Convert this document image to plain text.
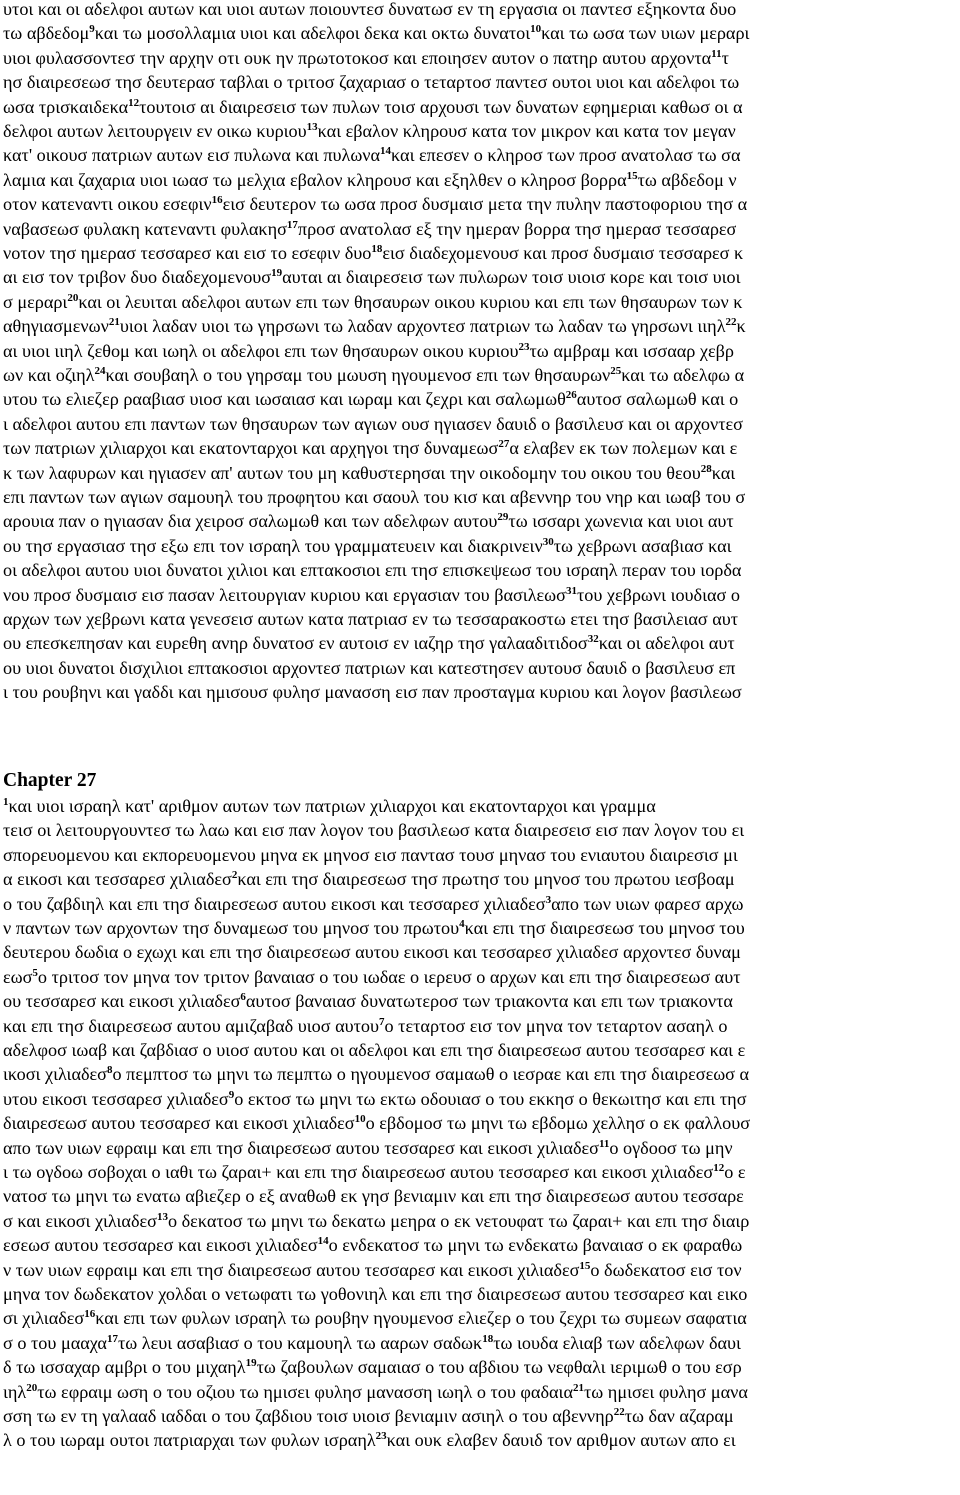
υτοι και οι αδελφοι αυτων και υιοι αυτων ποιουντεσ δυνατωσ εν τη εργασια οι παντεσ εξηκοντα δυο
τω αβδεδομ$^9$και τω μοσολλαμια υιοι και αδελφοι δεκα και οκτω δυνατοι$^{10}$και τω ωσα των υιων μεραρι
υιοι φυλασσοντεσ την αρχην οτι ουκ ην πρωτοτοκοσ και εποιησεν αυτον ο πατηρ αυτου αρχοντα$^{11}$τ
ησ διαιρεσεωσ τησ δευτερασ ταβλαι ο τριτοσ ζαχαριασ ο τεταρτοσ παντεσ ουτοι υιοι και αδελφοι τω
ωσα τρισκαιδεκα$^{12}$τουτοισ αι διαιρεσεισ των πυλων τοισ αρχουσι των δυνατων εφημεριαι καθωσ οι α
δελφοι αυτων λειτουργειν εν οικω κυριου$^{13}$και εβαλον κληρουσ κατα τον μικρον και κατα τον μεγαν
κατ' οικουσ πατριων αυτων εισ πυλωνα και πυλωνα$^{14}$και επεσεν ο κληροσ των προσ ανατολασ τω σα
λαμια και ζαχαρια υιοι ιωασ τω μελχια εβαλον κληρουσ και εξηλθεν ο κληροσ βορρα$^{15}$τω αβδεδομ ν
οτον κατεναντι οικου εσεφιν$^{16}$εισ δευτερον τω ωσα προσ δυσμαισ μετα την πυλην παστοφοριου τησ α
ναβασεωσ φυλακη κατεναντι φυλακησ$^{17}$προσ ανατολασ εξ την ημεραν βορρα τησ ημερασ τεσσαρεσ
νοτον τησ ημερασ τεσσαρεσ και εισ το εσεφιν δυο$^{18}$εισ διαδεχομενουσ και προσ δυσμαισ τεσσαρεσ κ
αι εισ τον τριβον δυο διαδεχομενουσ$^{19}$αυται αι διαιρεσεισ των πυλωρων τοισ υιοισ κορε και τοισ υιοι
σ μεραρι$^{20}$και οι λευιται αδελφοι αυτων επι των θησαυρων οικου κυριου και επι των θησαυρων των κ
αθηγιασμενων$^{21}$υιοι λαδαν υιοι τω γηρσωνι τω λαδαν αρχοντεσ πατριων τω λαδαν τω γηρσωνι ιιηλ$^{22}$κ
αι υιοι ιιηλ ζεθομ και ιωηλ οι αδελφοι επι των θησαυρων οικου κυριου$^{23}$τω αμβραμ και ισσααρ χεβρ
ων και οζιηλ$^{24}$και σουβαηλ ο του γηρσαμ του μωυση ηγουμενοσ επι των θησαυρων$^{25}$και τω αδελφω α
υτου τω ελιεζερ ρααβιασ υιοσ και ιωσαιασ και ιωραμ και ζεχρι και σαλωμωθ$^{26}$αυτοσ σαλωμωθ και ο
ι αδελφοι αυτου επι παντων των θησαυρων των αγιων ουσ ηγιασεν δαυιδ ο βασιλευσ και οι αρχοντεσ
των πατριων χιλιαρχοι και εκατονταρχοι και αρχηγοι τησ δυναμεωσ$^{27}$α ελαβεν εκ των πολεμων και ε
κ των λαφυρων και ηγιασεν απ' αυτων του μη καθυστερησαι την οικοδομην του οικου του θεου$^{28}$και
επι παντων των αγιων σαμουηλ του προφητου και σαουλ του κισ και αβεννηρ του νηρ και ιωαβ του σ
αρουια παν ο ηγιασαν δια χειροσ σαλωμωθ και των αδελφων αυτου$^{29}$τω ισσαρι χωνενια και υιοι αυτ
ου τησ εργασιασ τησ εξω επι τον ισραηλ του γραμματευειν και διακρινειν$^{30}$τω χεβρωνι ασαβιασ και
οι αδελφοι αυτου υιοι δυνατοι χιλιοι και επτακοσιοι επι τησ επισκεψεωσ του ισραηλ περαν του ιορδα
νου προσ δυσμαισ εισ πασαν λειτουργιαν κυριου και εργασιαν του βασιλεωσ$^{31}$του χεβρωνι ιουδιασ ο
αρχων των χεβρωνι κατα γενεσεισ αυτων κατα πατριασ εν τω τεσσαρακοστω ετει τησ βασιλειασ αυτ
ου επεσκεπησαν και ευρεθη ανηρ δυνατοσ εν αυτοισ εν ιαζηρ τησ γαλααδιτιδοσ$^{32}$και οι αδελφοι αυτ
ου υιοι δυνατοι δισχιλιοι επτακοσιοι αρχοντεσ πατριων και κατεστησεν αυτουσ δαυιδ ο βασιλευσ επ
ι του ρουβηνι και γαδδι και ημισουσ φυλησ μανασση εισ παν προσταγμα κυριου και λογον βασιλεωσ
Chapter 27
$^1$και υιοι ισραηλ κατ' αριθμον αυτων των πατριων χιλιαρχοι και εκατονταρχοι και γραμμα
τεισ οι λειτουργουντεσ τω λαω και εισ παν λογον του βασιλεωσ κατα διαιρεσεισ εισ παν λογον του ει
σπορευομενου και εκπορευομενου μηνα εκ μηνοσ εισ παντασ τουσ μηνασ του ενιαυτου διαιρεσισ μι
α εικοσι και τεσσαρεσ χιλιαδεσ$^2$και επι τησ διαιρεσεωσ τησ πρωτησ του μηνοσ του πρωτου ιεσβοαμ
ο του ζαβδιηλ και επι τησ διαιρεσεωσ αυτου εικοσι και τεσσαρεσ χιλιαδεσ$^3$απο των υιων φαρεσ αρχω
ν παντων των αρχοντων τησ δυναμεωσ του μηνοσ του πρωτου$^4$και επι τησ διαιρεσεωσ του μηνοσ του
δευτερου δωδια ο εχωχι και επι τησ διαιρεσεωσ αυτου εικοσι και τεσσαρεσ χιλιαδεσ αρχοντεσ δυναμ
εωσ$^5$ο τριτοσ τον μηνα τον τριτον βαναιασ ο του ιωδαε ο ιερευσ ο αρχων και επι τησ διαιρεσεωσ αυτ
ου τεσσαρεσ και εικοσι χιλιαδεσ$^6$αυτοσ βαναιασ δυνατωτεροσ των τριακοντα και επι των τριακοντα
και επι τησ διαιρεσεωσ αυτου αμιζαβαδ υιοσ αυτου$^7$ο τεταρτοσ εισ τον μηνα τον τεταρτον ασαηλ ο
αδελφοσ ιωαβ και ζαβδιασ ο υιοσ αυτου και οι αδελφοι και επι τησ διαιρεσεωσ αυτου τεσσαρεσ και ε
ικοσι χιλιαδεσ$^8$ο πεμπτοσ τω μηνι τω πεμπτω ο ηγουμενοσ σαμαωθ ο ιεσραε και επι τησ διαιρεσεωσ α
υτου εικοσι τεσσαρεσ χιλιαδεσ$^9$ο εκτοσ τω μηνι τω εκτω οδουιασ ο του εκκησ ο θεκωιτησ και επι τησ
διαιρεσεωσ αυτου τεσσαρεσ και εικοσι χιλιαδεσ$^{10}$ο εβδομοσ τω μηνι τω εβδομω χελλησ ο εκ φαλλουσ
απο των υιων εφραιμ και επι τησ διαιρεσεωσ αυτου τεσσαρεσ και εικοσι χιλιαδεσ$^{11}$ο ογδοοσ τω μην
ι τω ογδοω σοβοχαι ο ιαθι τω ζαραι+ και επι τησ διαιρεσεωσ αυτου τεσσαρεσ και εικοσι χιλιαδεσ$^{12}$ο ε
νατοσ τω μηνι τω ενατω αβιεζερ ο εξ αναθωθ εκ γησ βενιαμιν και επι τησ διαιρεσεωσ αυτου τεσσαρε
σ και εικοσι χιλιαδεσ$^{13}$ο δεκατοσ τω μηνι τω δεκατω μεηρα ο εκ νετουφατ τω ζαραι+ και επι τησ διαιρ
εσεωσ αυτου τεσσαρεσ και εικοσι χιλιαδεσ$^{14}$ο ενδεκατοσ τω μηνι τω ενδεκατω βαναιασ ο εκ φαραθω
ν των υιων εφραιμ και επι τησ διαιρεσεωσ αυτου τεσσαρεσ και εικοσι χιλιαδεσ$^{15}$ο δωδεκατοσ εισ τον
μηνα τον δωδεκατον χολδαι ο νετωφατι τω γοθονιηλ και επι τησ διαιρεσεωσ αυτου τεσσαρεσ και εικο
σι χιλιαδεσ$^{16}$και επι των φυλων ισραηλ τω ρουβην ηγουμενοσ ελιεζερ ο του ζεχρι τω συμεων σαφατια
σ ο του μααχα$^{17}$τω λευι ασαβιασ ο του καμουηλ τω ααρων σαδωκ$^{18}$τω ιουδα ελιαβ των αδελφων δαυι
δ τω ισσαχαρ αμβρι ο του μιχαηλ$^{19}$τω ζαβουλων σαμαιασ ο του αβδιου τω νεφθαλι ιεριμωθ ο του εσρ
ιηλ$^{20}$τω εφραιμ ωση ο του οζιου τω ημισει φυλησ μανασση ιωηλ ο του φαδαια$^{21}$τω ημισει φυλησ μανα
σση τω εν τη γαλααδ ιαδδαι ο του ζαβδιου τοισ υιοισ βενιαμιν ασιηλ ο του αβεννηρ$^{22}$τω δαν αζαραμ
λ ο του ιωραμ ουτοι πατριαρχαι των φυλων ισραηλ$^{23}$και ουκ ελαβεν δαυιδ τον αριθμον αυτων απο ει
